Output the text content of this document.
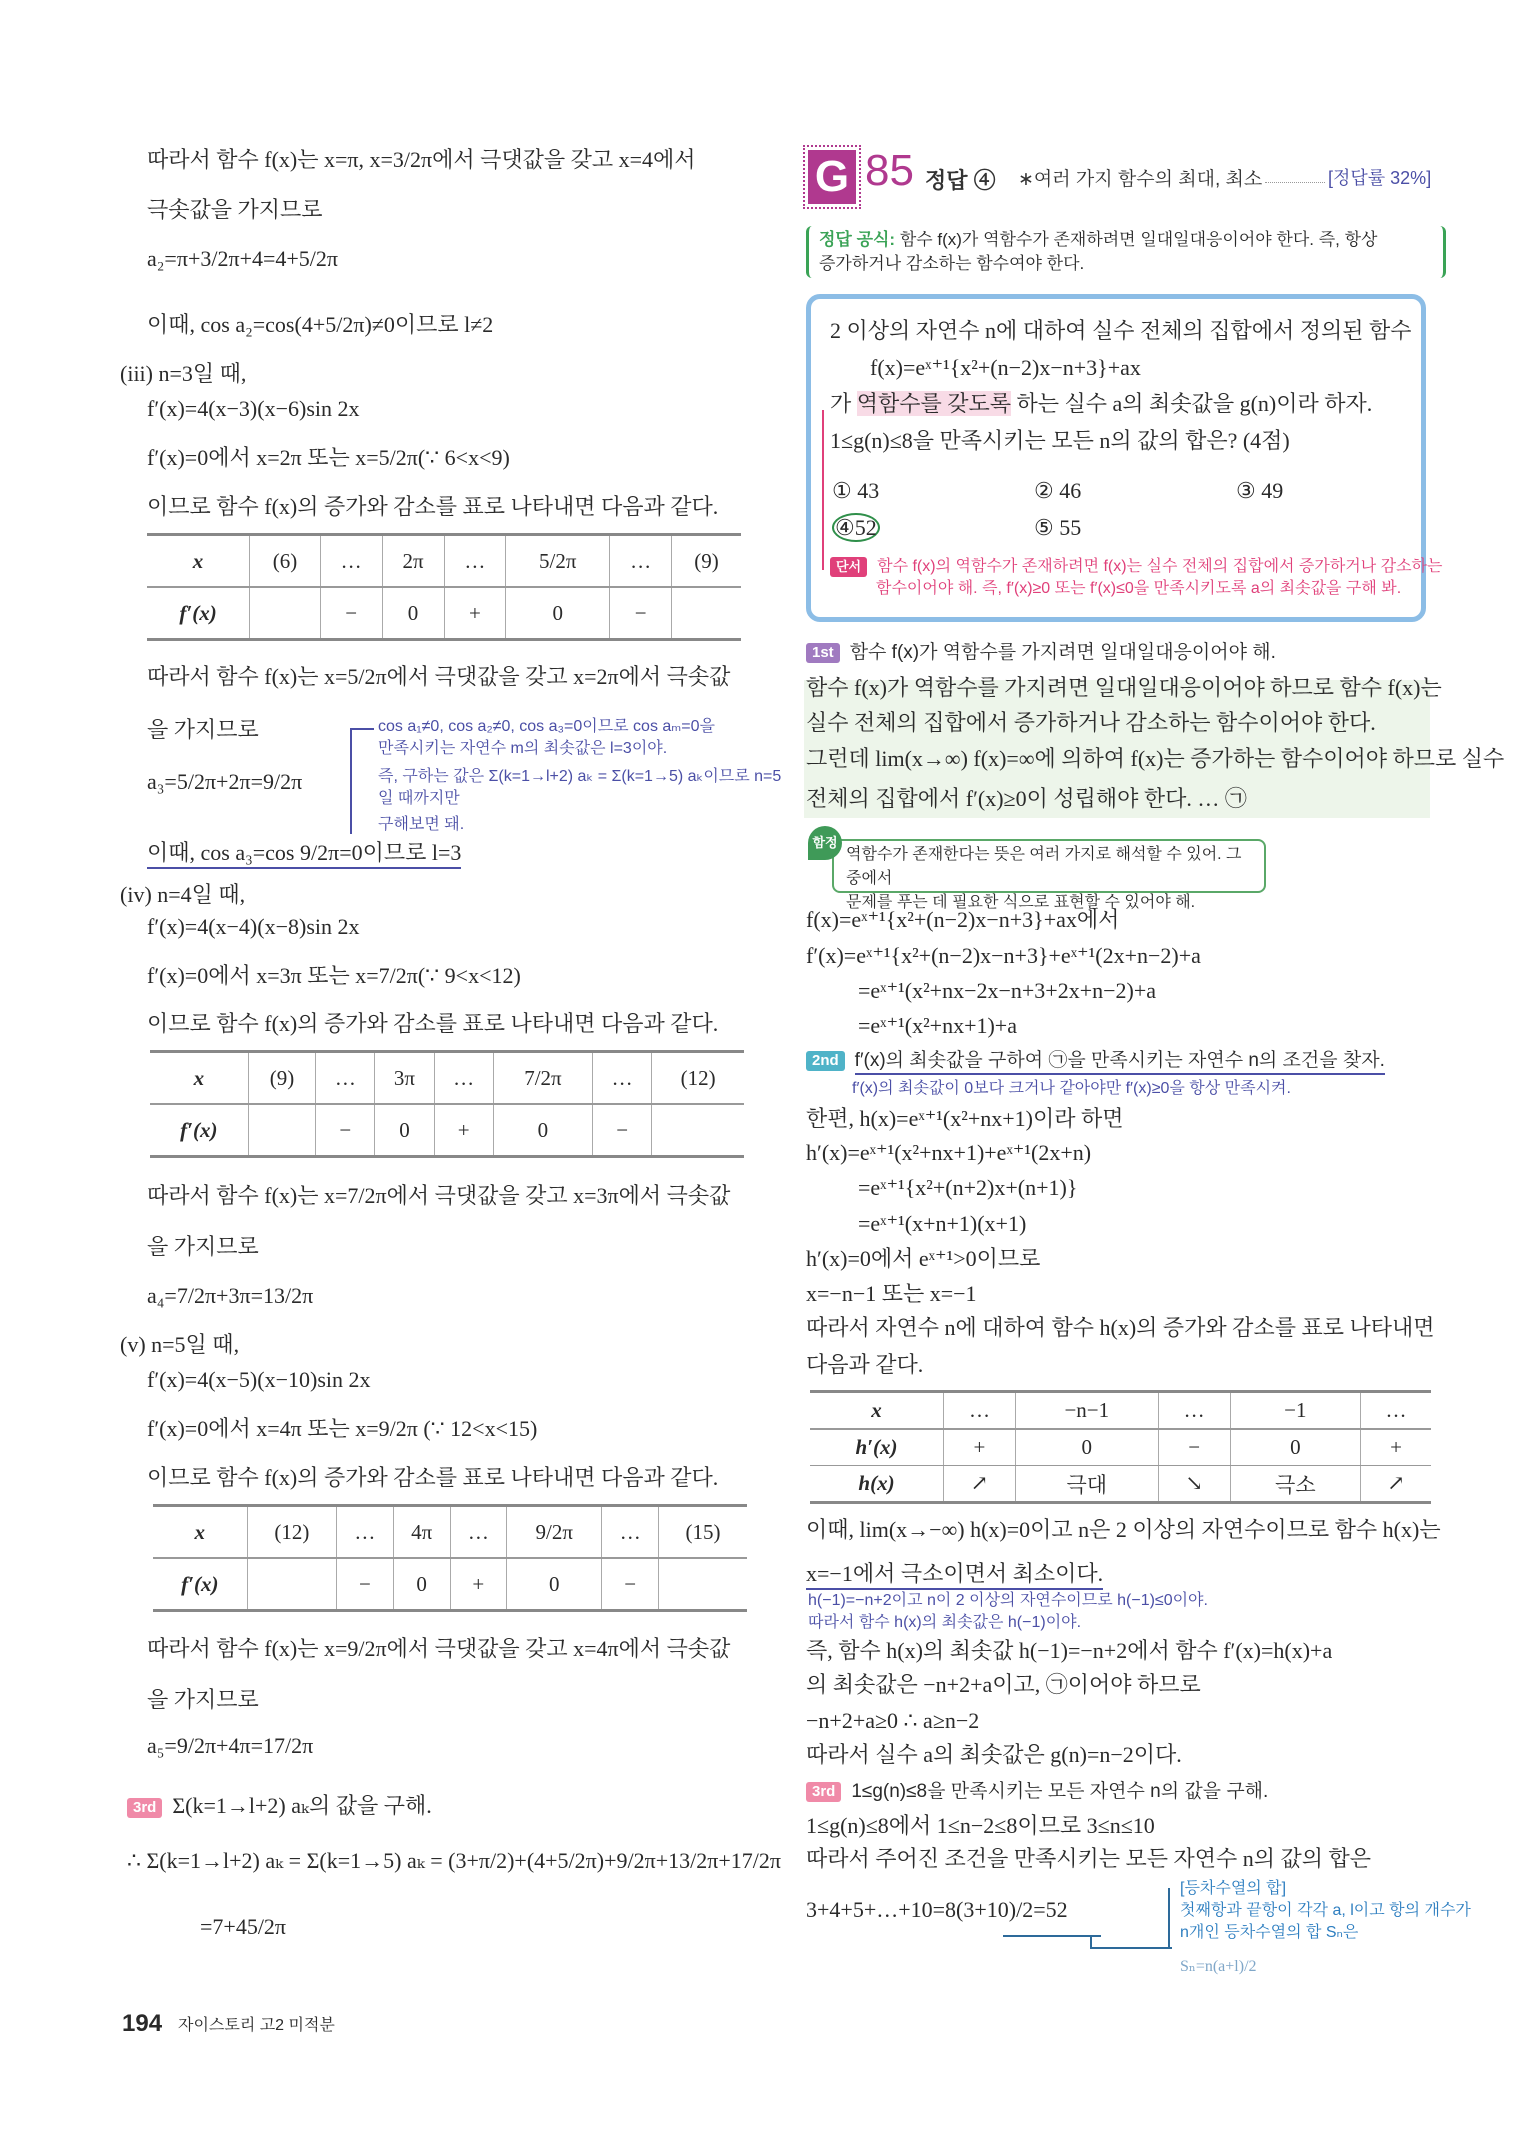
따라서 함수 f(x)는 x=π, x=3/2π에서 극댓값을 갖고 x=4에서
극솟값을 가지므로
a₂=π+3/2π+4=4+5/2π
이때, cos a₂=cos(4+5/2π)≠0이므로 l≠2
(iii) n=3일 때,
f′(x)=4(x−3)(x−6)sin 2x
f′(x)=0에서 x=2π 또는 x=5/2π(∵ 6<x<9)
이므로 함수 f(x)의 증가와 감소를 표로 나타내면 다음과 같다.
x	(6)	…	2π	…	5/2π	…	(9)
f′(x)		−	0	+	0	−	
따라서 함수 f(x)는 x=5/2π에서 극댓값을 갖고 x=2π에서 극솟값
을 가지므로
a₃=5/2π+2π=9/2π
이때, cos a₃=cos 9/2π=0이므로 l=3
cos a₁≠0, cos a₂≠0, cos a₃=0이므로 cos aₘ=0을
만족시키는 자연수 m의 최솟값은 l=3이야.
즉, 구하는 값은 Σ(k=1→l+2) aₖ = Σ(k=1→5) aₖ이므로 n=5일 때까지만
구해보면 돼.
(iv) n=4일 때,
f′(x)=4(x−4)(x−8)sin 2x
f′(x)=0에서 x=3π 또는 x=7/2π(∵ 9<x<12)
이므로 함수 f(x)의 증가와 감소를 표로 나타내면 다음과 같다.
x	(9)	…	3π	…	7/2π	…	(12)
f′(x)		−	0	+	0	−	
따라서 함수 f(x)는 x=7/2π에서 극댓값을 갖고 x=3π에서 극솟값
을 가지므로
a₄=7/2π+3π=13/2π
(v) n=5일 때,
f′(x)=4(x−5)(x−10)sin 2x
f′(x)=0에서 x=4π 또는 x=9/2π (∵ 12<x<15)
이므로 함수 f(x)의 증가와 감소를 표로 나타내면 다음과 같다.
x	(12)	…	4π	…	9/2π	…	(15)
f′(x)		−	0	+	0	−	
따라서 함수 f(x)는 x=9/2π에서 극댓값을 갖고 x=4π에서 극솟값
을 가지므로
a₅=9/2π+4π=17/2π
3rd Σ(k=1→l+2) aₖ의 값을 구해.
∴ Σ(k=1→l+2) aₖ = Σ(k=1→5) aₖ = (3+π/2)+(4+5/2π)+9/2π+13/2π+17/2π
=7+45/2π
194 자이스토리 고2 미적분
G 85 정답 ④ ∗여러 가지 함수의 최대, 최소	[정답률 32%]
정답 공식: 함수 f(x)가 역함수가 존재하려면 일대일대응이어야 한다. 즉, 항상
증가하거나 감소하는 함수여야 한다.
2 이상의 자연수 n에 대하여 실수 전체의 집합에서 정의된 함수
f(x)=eˣ⁺¹{x²+(n−2)x−n+3}+ax
가 역함수를 갖도록 하는 실수 a의 최솟값을 g(n)이라 하자.
1≤g(n)≤8을 만족시키는 모든 n의 값의 합은? (4점)
① 43	② 46	③ 49
④52	⑤ 55
단서 함수 f(x)의 역함수가 존재하려면 f(x)는 실수 전체의 집합에서 증가하거나 감소하는
함수이어야 해. 즉, f′(x)≥0 또는 f′(x)≤0을 만족시키도록 a의 최솟값을 구해 봐.
1st 함수 f(x)가 역함수를 가지려면 일대일대응이어야 해.
함수 f(x)가 역함수를 가지려면 일대일대응이어야 하므로 함수 f(x)는
실수 전체의 집합에서 증가하거나 감소하는 함수이어야 한다.
그런데 lim(x→∞) f(x)=∞에 의하여 f(x)는 증가하는 함수이어야 하므로 실수
전체의 집합에서 f′(x)≥0이 성립해야 한다. … ㉠
역함수가 존재한다는 뜻은 여러 가지로 해석할 수 있어. 그 중에서
문제를 푸는 데 필요한 식으로 표현할 수 있어야 해.
함정
f(x)=eˣ⁺¹{x²+(n−2)x−n+3}+ax에서
f′(x)=eˣ⁺¹{x²+(n−2)x−n+3}+eˣ⁺¹(2x+n−2)+a
=eˣ⁺¹(x²+nx−2x−n+3+2x+n−2)+a
=eˣ⁺¹(x²+nx+1)+a
2nd f′(x)의 최솟값을 구하여 ㉠을 만족시키는 자연수 n의 조건을 찾자.
f′(x)의 최솟값이 0보다 크거나 같아야만 f′(x)≥0을 항상 만족시켜.
한편, h(x)=eˣ⁺¹(x²+nx+1)이라 하면
h′(x)=eˣ⁺¹(x²+nx+1)+eˣ⁺¹(2x+n)
=eˣ⁺¹{x²+(n+2)x+(n+1)}
=eˣ⁺¹(x+n+1)(x+1)
h′(x)=0에서 eˣ⁺¹>0이므로
x=−n−1 또는 x=−1
따라서 자연수 n에 대하여 함수 h(x)의 증가와 감소를 표로 나타내면
다음과 같다.
x	…	−n−1	…	−1	…
h′(x)	+	0	−	0	+
h(x)	↗	극대	↘	극소	↗
이때, lim(x→−∞) h(x)=0이고 n은 2 이상의 자연수이므로 함수 h(x)는
x=−1에서 극소이면서 최소이다.
h(−1)=−n+2이고 n이 2 이상의 자연수이므로 h(−1)≤0이야.
따라서 함수 h(x)의 최솟값은 h(−1)이야.
즉, 함수 h(x)의 최솟값 h(−1)=−n+2에서 함수 f′(x)=h(x)+a
의 최솟값은 −n+2+a이고, ㉠이어야 하므로
−n+2+a≥0 ∴ a≥n−2
따라서 실수 a의 최솟값은 g(n)=n−2이다.
3rd 1≤g(n)≤8을 만족시키는 모든 자연수 n의 값을 구해.
1≤g(n)≤8에서 1≤n−2≤8이므로 3≤n≤10
따라서 주어진 조건을 만족시키는 모든 자연수 n의 값의 합은
3+4+5+…+10=8(3+10)/2=52
[등차수열의 합]
첫째항과 끝항이 각각 a, l이고 항의 개수가
n개인 등차수열의 합 Sₙ은
Sₙ=n(a+l)/2
